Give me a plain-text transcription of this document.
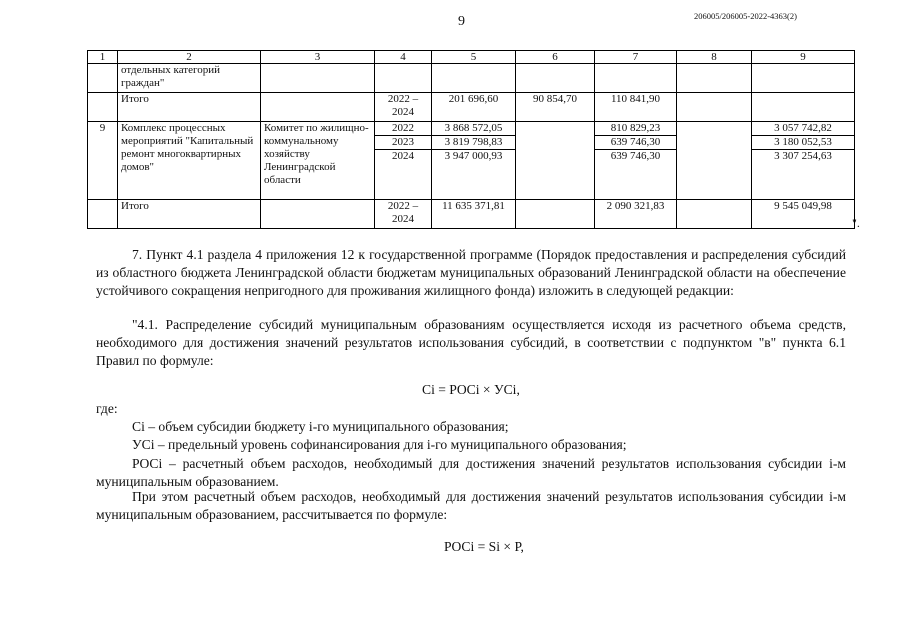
9	206005/206005-2022-4363(2)
1	2	3	4	5	6	7	8	9
	отдельных категорий граждан"							
	Итого		2022 – 2024	201 696,60	90 854,70	110 841,90		
9	Комплекс процессных мероприятий "Капитальный ремонт многоквартирных домов"	Комитет по жилищно-коммунальному хозяйству Ленинградской области	2022	3 868 572,05		810 829,23		3 057 742,82
			2023	3 819 798,83		639 746,30		3 180 052,53
			2024	3 947 000,93		639 746,30		3 307 254,63
	Итого		2022 – 2024	11 635 371,81		2 090 321,83		9 545 049,98
".

7. Пункт 4.1 раздела 4 приложения 12 к государственной программе (Порядок предоставления и распределения субсидий из областного бюджета Ленинградской области бюджетам муниципальных образований Ленинградской области на обеспечение устойчивого сокращения непригодного для проживания жилищного фонда) изложить в следующей редакции:

"4.1. Распределение субсидий муниципальным образованиям осуществляется исходя из расчетного объема средств, необходимого для достижения значений результатов использования субсидий, в соответствии с подпунктом "в" пункта 6.1 Правил по формуле:

Ci = POCi × УCi,
где:
Ci – объем субсидии бюджету i-го муниципального образования;
УCi – предельный уровень софинансирования для i-го муниципального образования;

POCi – расчетный объем расходов, необходимый для достижения значений результатов использования субсидии i-м муниципальным образованием.

При этом расчетный объем расходов, необходимый для достижения значений результатов использования субсидии i-м муниципальным образованием, рассчитывается по формуле:

POCi = Si × P,
